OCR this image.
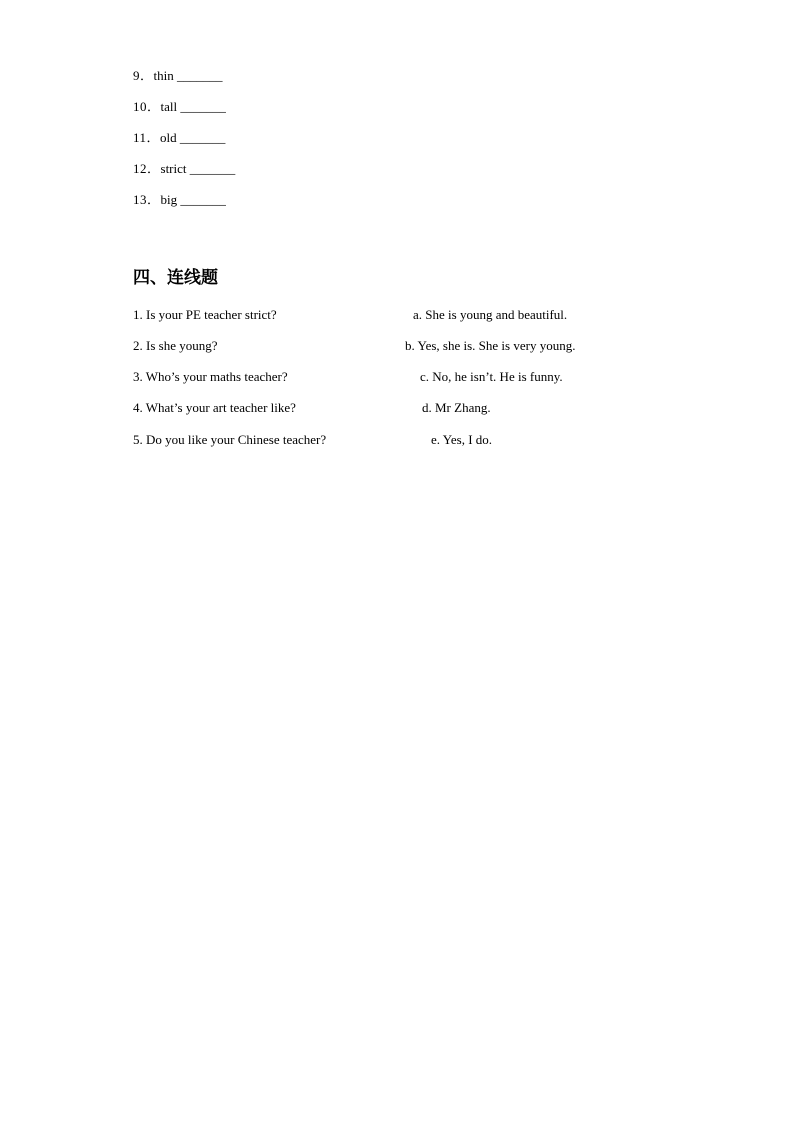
9．thin _______
10．tall _______
11．old _______
12．strict _______
13．big _______
四、连线题
1. Is your PE teacher strict?
2. Is she young?
3. Who’s your maths teacher?
4. What’s your art teacher like?
5. Do you like your Chinese teacher?
a. She is young and beautiful.
b. Yes, she is. She is very young.
c. No, he isn’t. He is funny.
d. Mr Zhang.
e. Yes, I do.
